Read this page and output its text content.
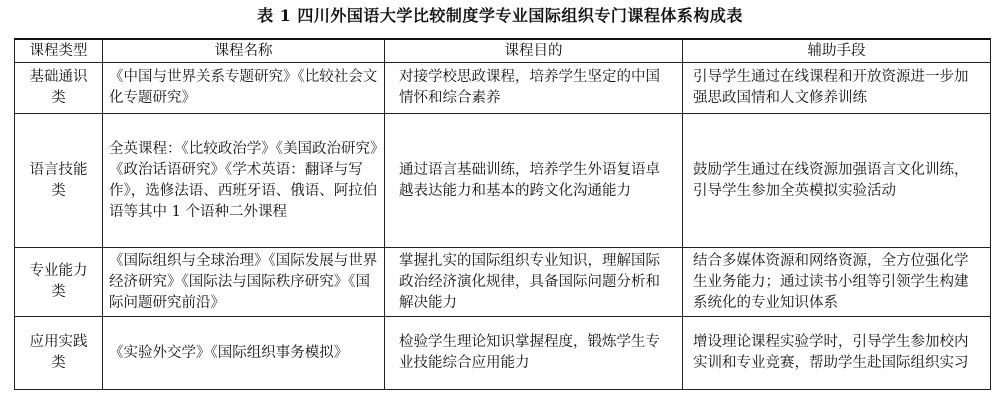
表 1 四川外国语大学比较制度学专业国际组织专门课程体系构成表
课程类型	课程名称	课程目的	辅助手段
基础通识类	《中国与世界关系专题研究》《比较社会文化专题研究》	对接学校思政课程，培养学生坚定的中国情怀和综合素养	引导学生通过在线课程和开放资源进一步加强思政国情和人文修养训练
语言技能类	全英课程：《比较政治学》《美国政治研究》《政治话语研究》《学术英语：翻译与写作》，选修法语、西班牙语、俄语、阿拉伯语等其中 1 个语种二外课程	通过语言基础训练，培养学生外语复语卓越表达能力和基本的跨文化沟通能力	鼓励学生通过在线资源加强语言文化训练，引导学生参加全英模拟实验活动
专业能力类	《国际组织与全球治理》《国际发展与世界经济研究》《国际法与国际秩序研究》《国际问题研究前沿》	掌握扎实的国际组织专业知识，理解国际政治经济演化规律，具备国际问题分析和解决能力	结合多媒体资源和网络资源，全方位强化学生业务能力；通过读书小组等引领学生构建系统化的专业知识体系
应用实践类	《实验外交学》《国际组织事务模拟》	检验学生理论知识掌握程度，锻炼学生专业技能综合应用能力	增设理论课程实验学时，引导学生参加校内实训和专业竞赛，帮助学生赴国际组织实习
